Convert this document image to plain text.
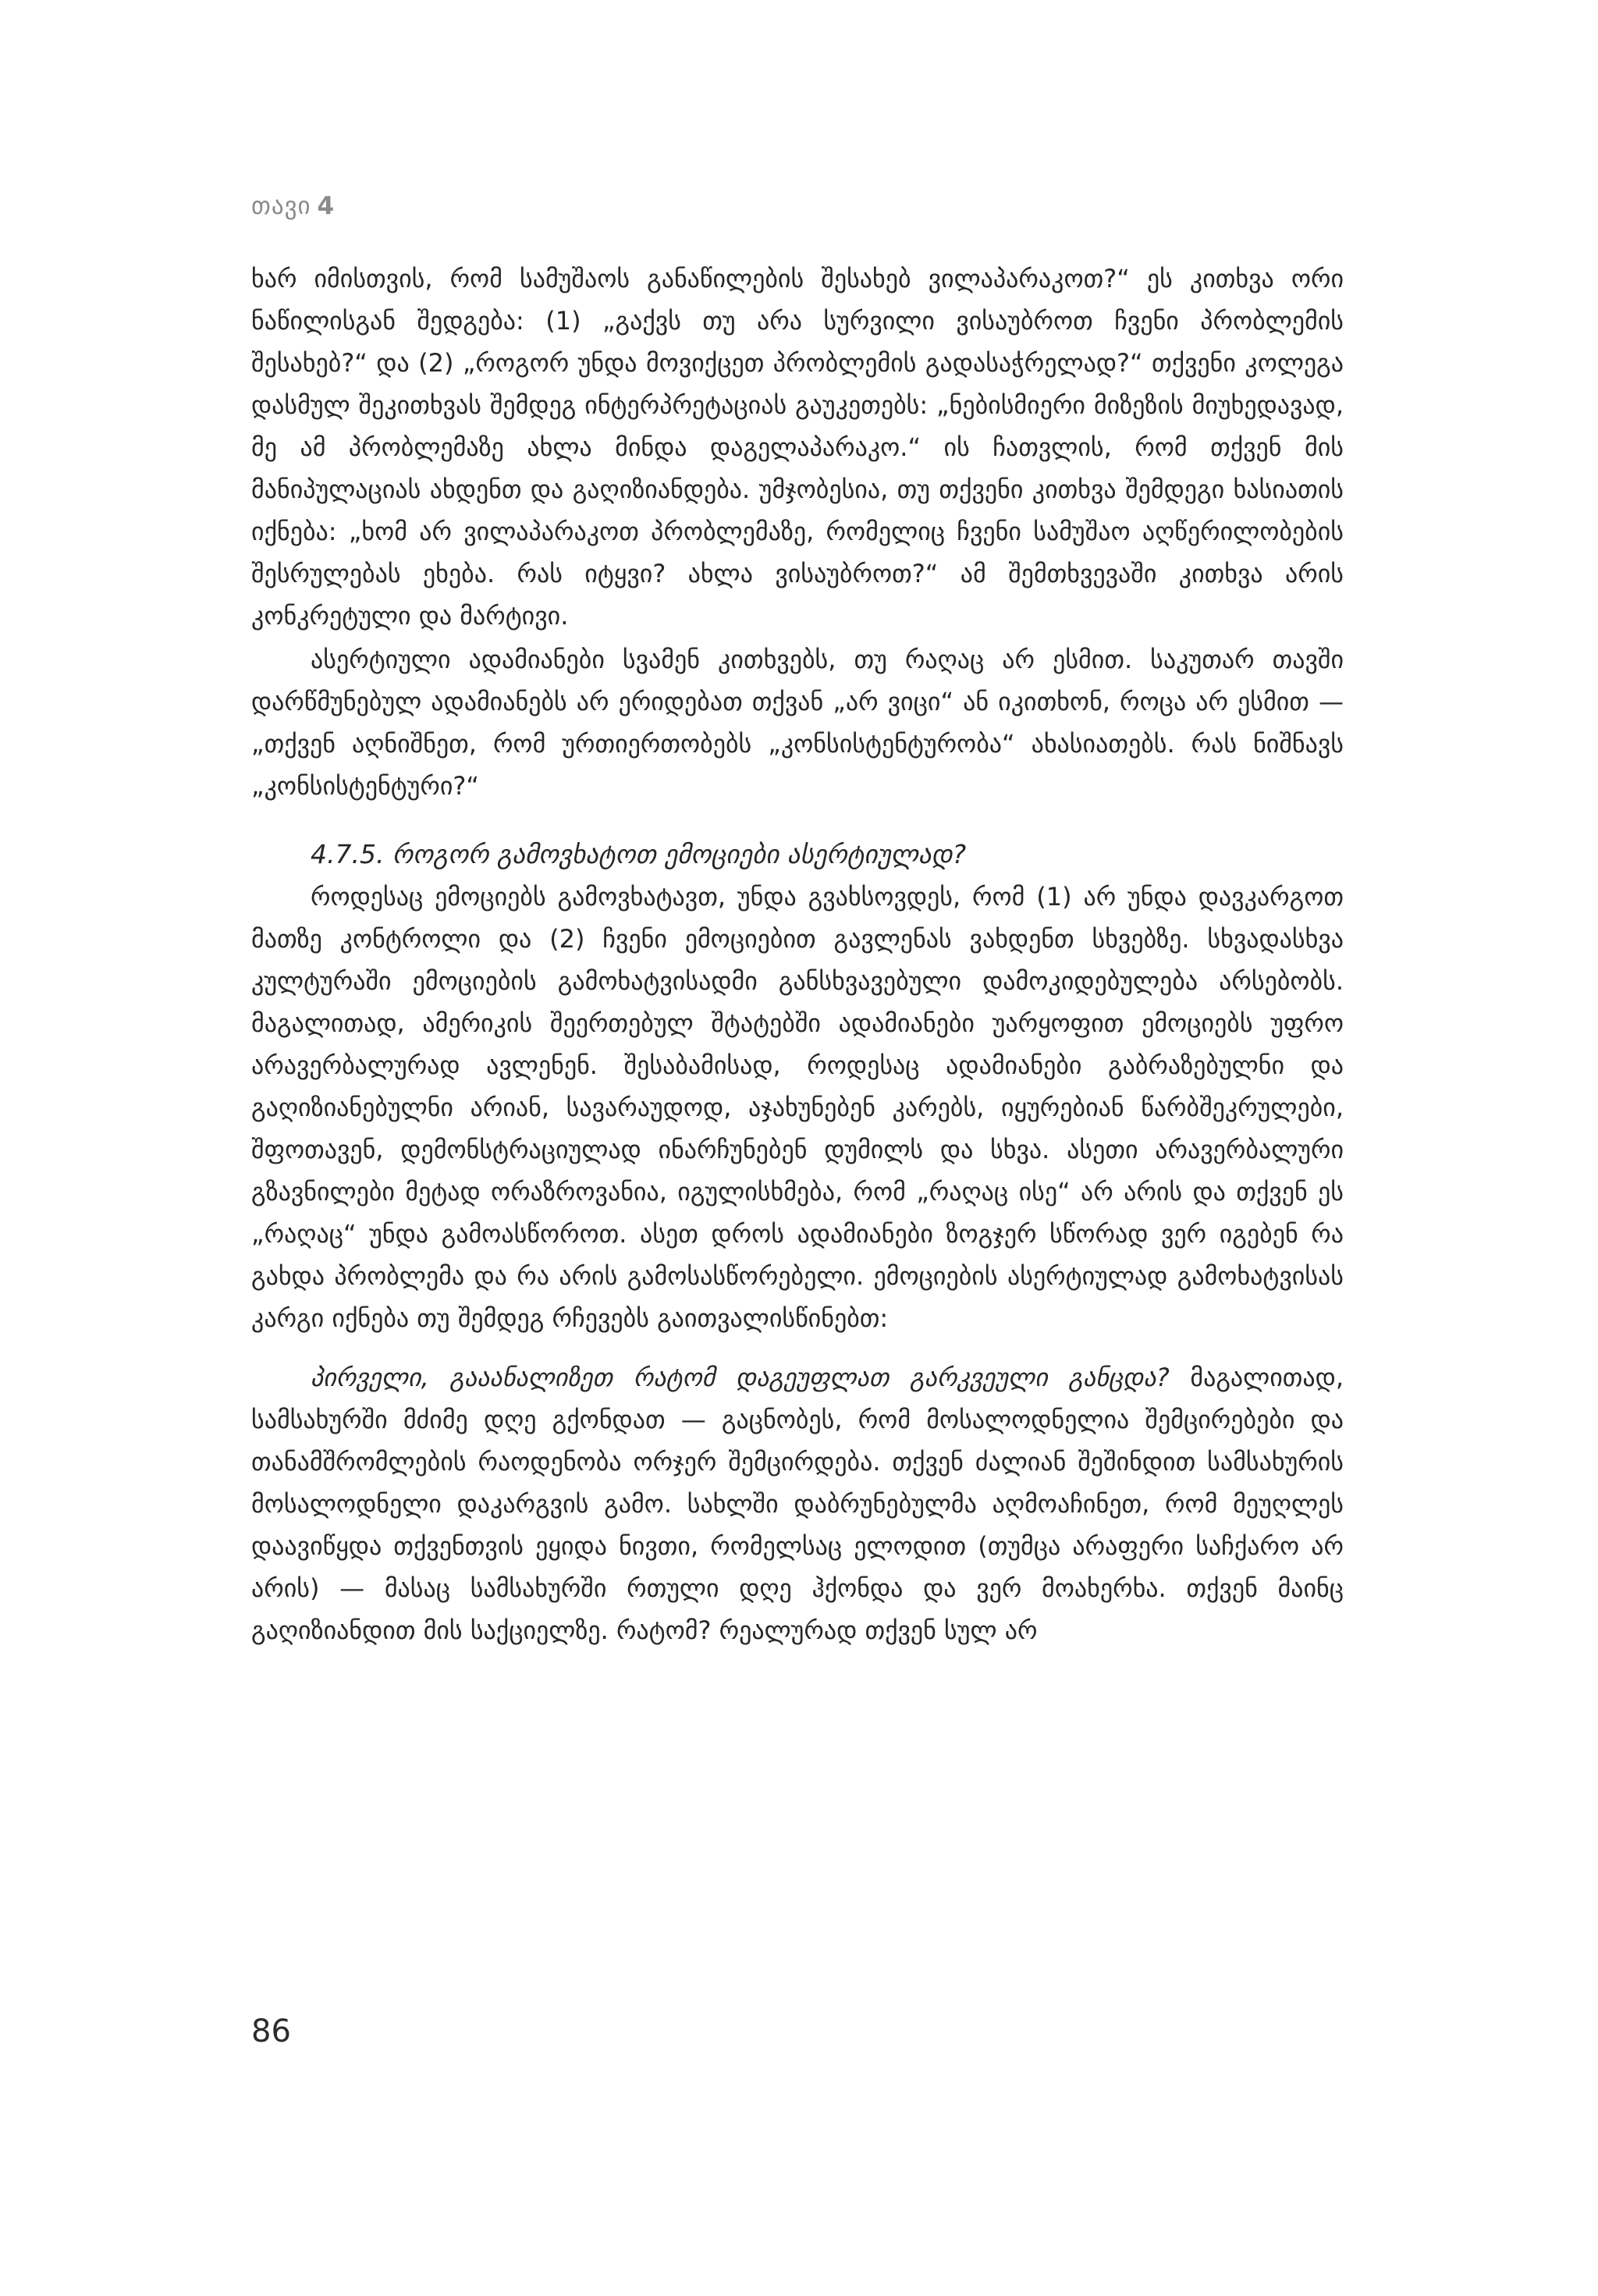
თავი 4

ხარ იმისთვის, რომ სამუშაოს განაწილების შესახებ ვილაპარაკოთ?“ ეს კითხვა ორი ნაწილისგან შედგება: (1) „გაქვს თუ არა სურვილი ვისაუბროთ ჩვენი პრობლემის შესახებ?“ და (2) „როგორ უნდა მოვიქცეთ პრობლემის გადასაჭრელად?“ თქვენი კოლეგა დასმულ შეკითხვას შემდეგ ინტერპრეტაციას გაუკეთებს: „ნებისმიერი მიზეზის მიუხედავად, მე ამ პრობლემაზე ახლა მინდა დაგელაპარაკო.“ ის ჩათვლის, რომ თქვენ მის მანიპულაციას ახდენთ და გაღიზიანდება. უმჯობესია, თუ თქვენი კითხვა შემდეგი ხასიათის იქნება: „ხომ არ ვილაპარაკოთ პრობლემაზე, რომელიც ჩვენი სამუშაო აღწერილობების შესრულებას ეხება. რას იტყვი? ახლა ვისაუბროთ?“ ამ შემთხვევაში კითხვა არის კონკრეტული და მარტივი.

ასერტიული ადამიანები სვამენ კითხვებს, თუ რაღაც არ ესმით. საკუთარ თავში დარწმუნებულ ადამიანებს არ ერიდებათ თქვან „არ ვიცი“ ან იკითხონ, როცა არ ესმით — „თქვენ აღნიშნეთ, რომ ურთიერთობებს „კონსისტენტურობა“ ახასიათებს. რას ნიშნავს „კონსისტენტური?“

4.7.5. როგორ გამოვხატოთ ემოციები ასერტიულად?

როდესაც ემოციებს გამოვხატავთ, უნდა გვახსოვდეს, რომ (1) არ უნდა დავკარგოთ მათზე კონტროლი და (2) ჩვენი ემოციებით გავლენას ვახდენთ სხვებზე. სხვადასხვა კულტურაში ემოციების გამოხატვისადმი განსხვავებული დამოკიდებულება არსებობს. მაგალითად, ამერიკის შეერთებულ შტატებში ადამიანები უარყოფით ემოციებს უფრო არავერბალურად ავლენენ. შესაბამისად, როდესაც ადამიანები გაბრაზებულნი და გაღიზიანებულნი არიან, სავარაუდოდ, აჯახუნებენ კარებს, იყურებიან წარბშეკრულები, შფოთავენ, დემონსტრაციულად ინარჩუნებენ დუმილს და სხვა. ასეთი არავერბალური გზავნილები მეტად ორაზროვანია, იგულისხმება, რომ „რაღაც ისე“ არ არის და თქვენ ეს „რაღაც“ უნდა გამოასწოროთ. ასეთ დროს ადამიანები ზოგჯერ სწორად ვერ იგებენ რა გახდა პრობლემა და რა არის გამოსასწორებელი. ემოციების ასერტიულად გამოხატვისას კარგი იქნება თუ შემდეგ რჩევებს გაითვალისწინებთ:

პირველი, გააანალიზეთ რატომ დაგეუფლათ გარკვეული განცდა? მაგალითად, სამსახურში მძიმე დღე გქონდათ — გაცნობეს, რომ მოსალოდნელია შემცირებები და თანამშრომლების რაოდენობა ორჯერ შემცირდება. თქვენ ძალიან შეშინდით სამსახურის მოსალოდნელი დაკარგვის გამო. სახლში დაბრუნებულმა აღმოაჩინეთ, რომ მეუღლეს დაავიწყდა თქვენთვის ეყიდა ნივთი, რომელსაც ელოდით (თუმცა არაფერი საჩქარო არ არის) — მასაც სამსახურში რთული დღე ჰქონდა და ვერ მოახერხა. თქვენ მაინც გაღიზიანდით მის საქციელზე. რატომ? რეალურად თქვენ სულ არ

86
